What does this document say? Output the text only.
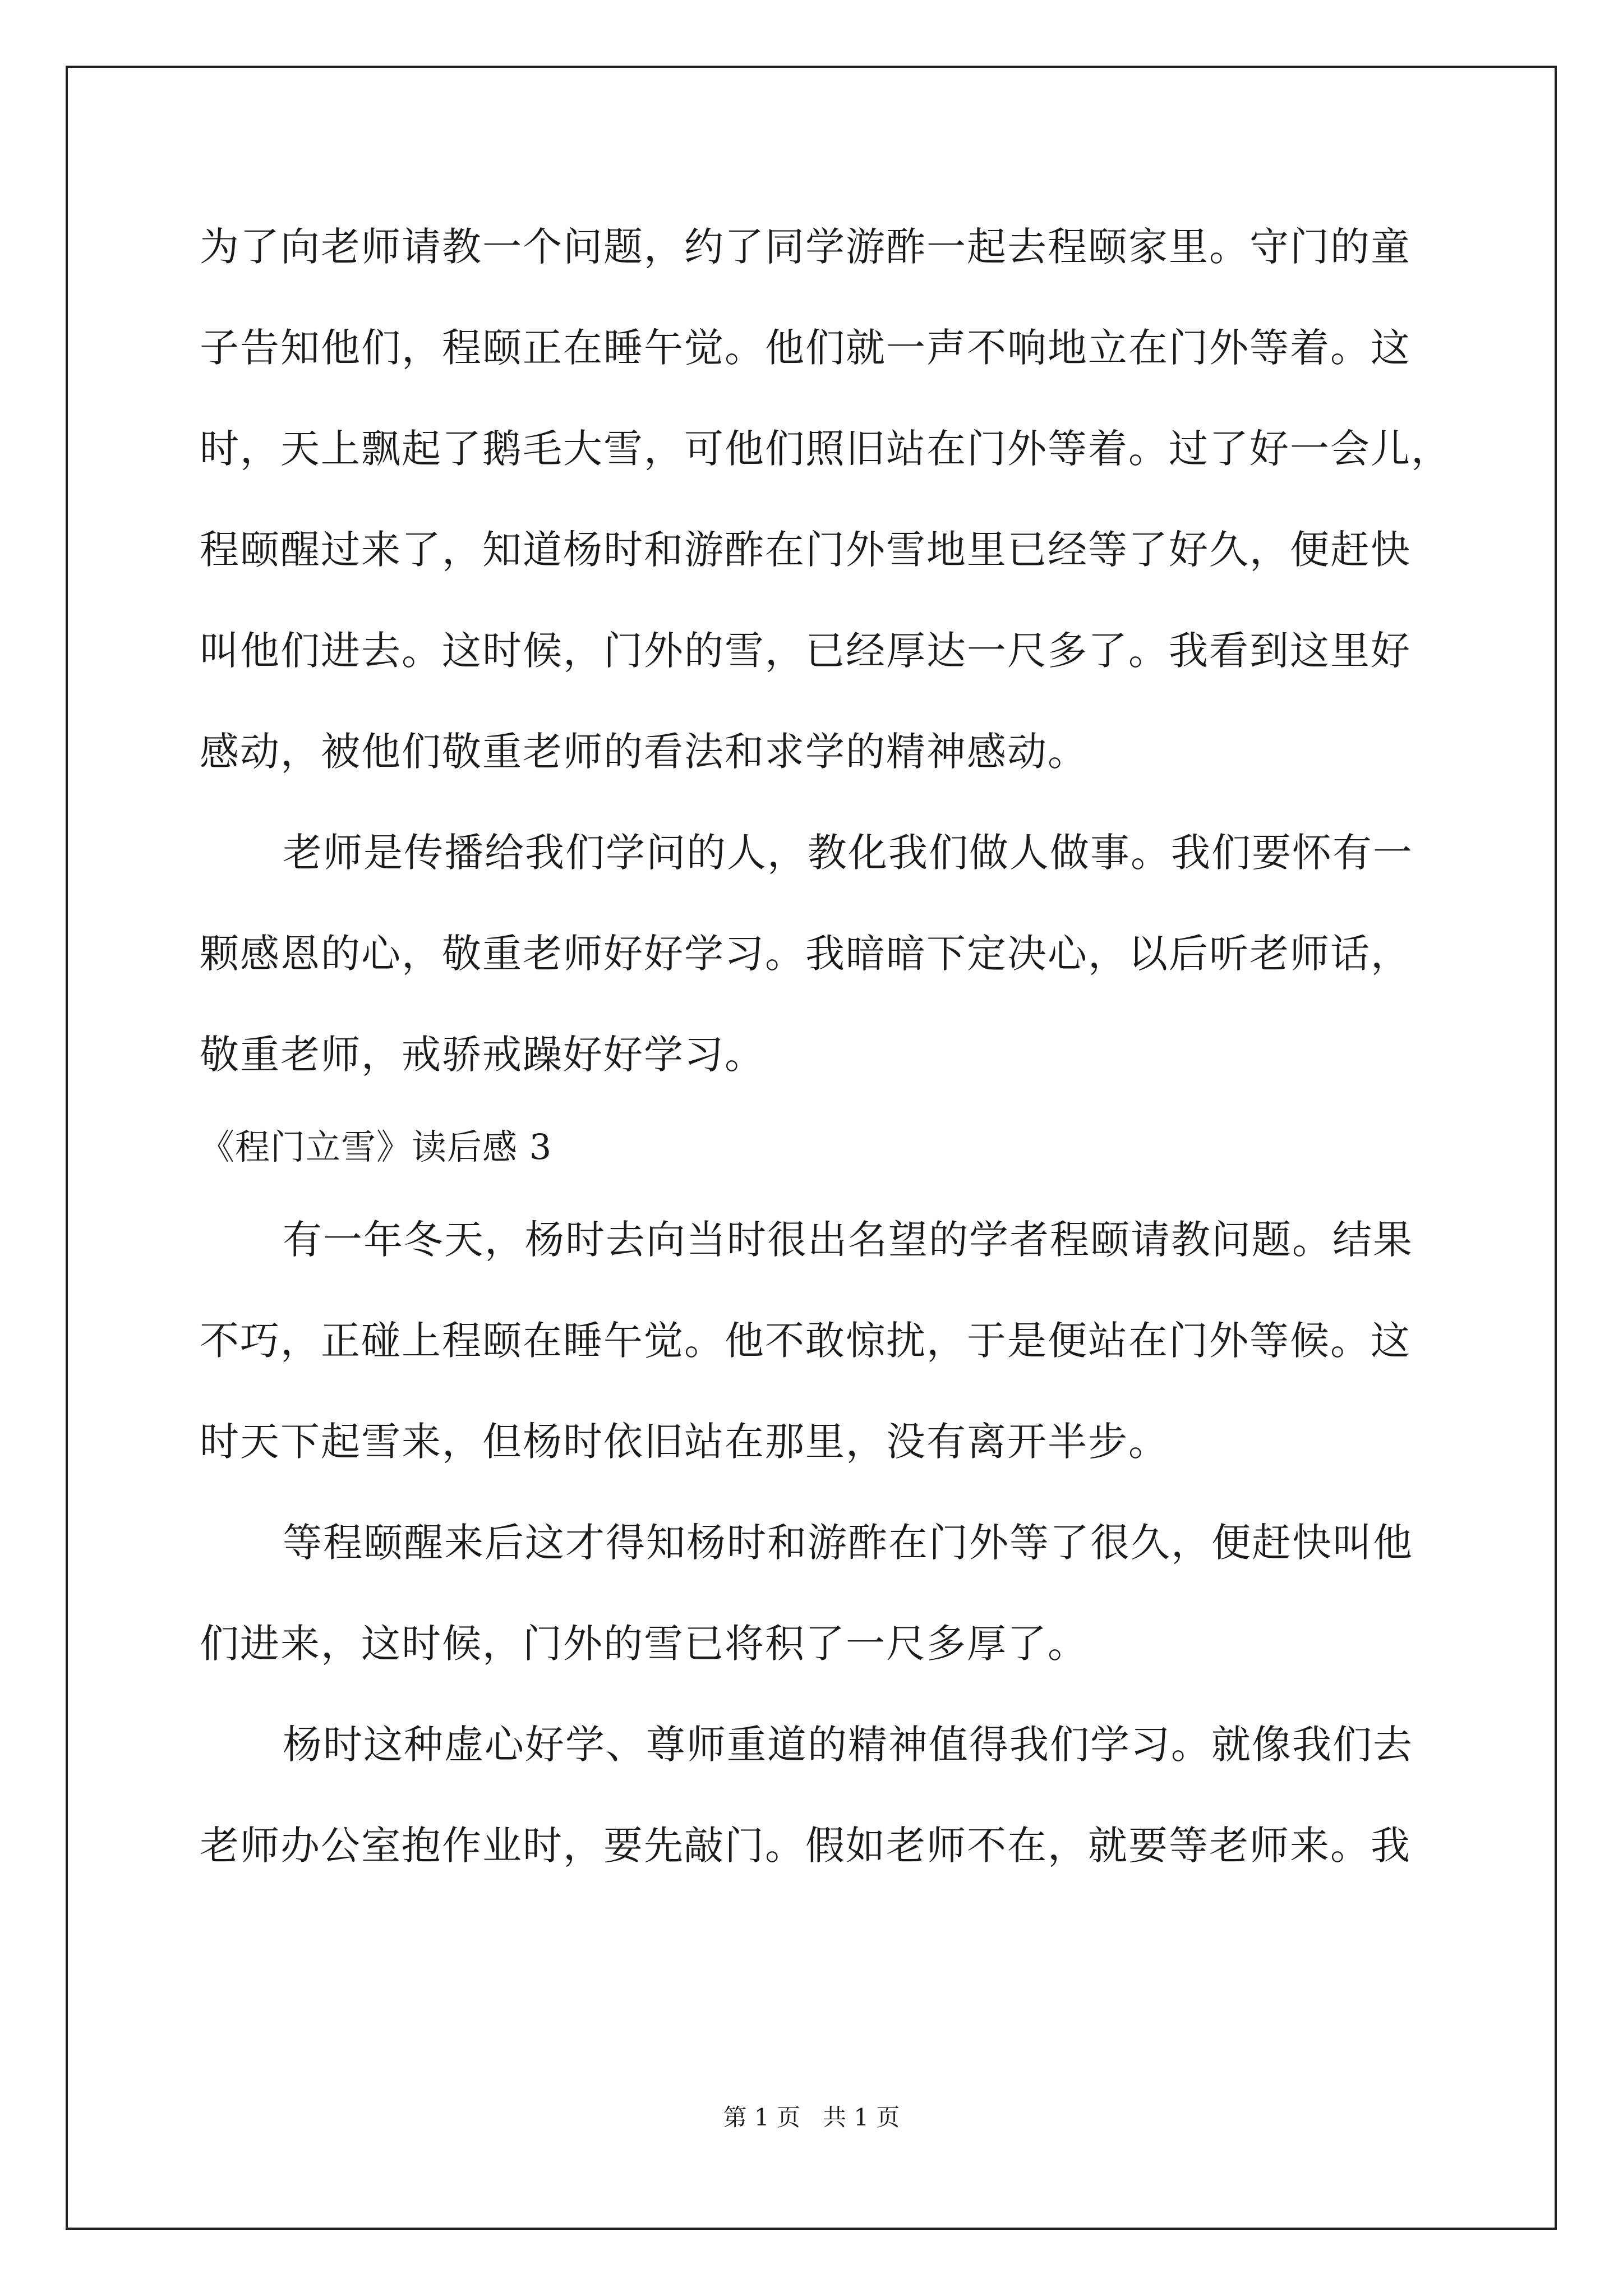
为了向老师请教一个问题，约了同学游酢一起去程颐家里。守门的童
子告知他们，程颐正在睡午觉。他们就一声不响地立在门外等着。这
时，天上飘起了鹅毛大雪，可他们照旧站在门外等着。过了好一会儿，
程颐醒过来了，知道杨时和游酢在门外雪地里已经等了好久，便赶快
叫他们进去。这时候，门外的雪，已经厚达一尺多了。我看到这里好
感动，被他们敬重老师的看法和求学的精神感动。
老师是传播给我们学问的人，教化我们做人做事。我们要怀有一
颗感恩的心，敬重老师好好学习。我暗暗下定决心，以后听老师话，
敬重老师，戒骄戒躁好好学习。
《程门立雪》读后感 3
有一年冬天，杨时去向当时很出名望的学者程颐请教问题。结果
不巧，正碰上程颐在睡午觉。他不敢惊扰，于是便站在门外等候。这
时天下起雪来，但杨时依旧站在那里，没有离开半步。
等程颐醒来后这才得知杨时和游酢在门外等了很久，便赶快叫他
们进来，这时候，门外的雪已将积了一尺多厚了。
杨时这种虚心好学、尊师重道的精神值得我们学习。就像我们去
老师办公室抱作业时，要先敲门。假如老师不在，就要等老师来。我
第 1 页 共 1 页
